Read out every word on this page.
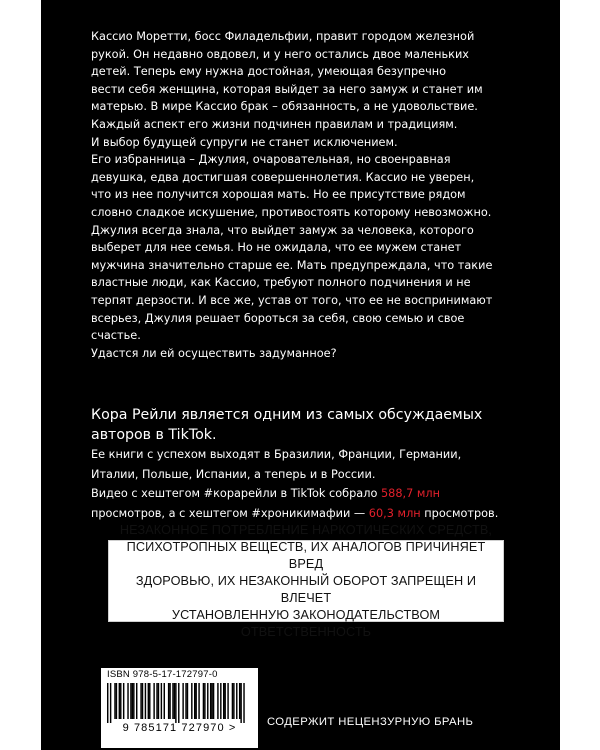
Кассио Моретти, босс Филадельфии, правит городом железной

рукой. Он недавно овдовел, и у него остались двое маленьких

детей. Теперь ему нужна достойная, умеющая безупречно

вести себя женщина, которая выйдет за него замуж и станет им

матерью. В мире Кассио брак – обязанность, а не удовольствие.

Каждый аспект его жизни подчинен правилам и традициям.

И выбор будущей супруги не станет исключением.

Его избранница – Джулия, очаровательная, но своенравная

девушка, едва достигшая совершеннолетия. Кассио не уверен,

что из нее получится хорошая мать. Но ее присутствие рядом

словно сладкое искушение, противостоять которому невозможно.

Джулия всегда знала, что выйдет замуж за человека, которого

выберет для нее семья. Но не ожидала, что ее мужем станет

мужчина значительно старше ее. Мать предупреждала, что такие

властные люди, как Кассио, требуют полного подчинения и не

терпят дерзости. И все же, устав от того, что ее не воспринимают

всерьез, Джулия решает бороться за себя, свою семью и свое

счастье.

Удастся ли ей осуществить задуманное?

Кора Рейли является одним из самых обсуждаемых

авторов в TikTok.

Ее книги с успехом выходят в Бразилии, Франции, Германии,

Италии, Польше, Испании, а теперь и в России.

Видео с хештегом #корарейли в TikTok собрало 588,7 млн

просмотров, а с хештегом #хроникимафии — 60,3 млн просмотров.

НЕЗАКОННОЕ ПОТРЕБЛЕНИЕ НАРКОТИЧЕСКИХ СРЕДСТВ,
ПСИХОТРОПНЫХ ВЕЩЕСТВ, ИХ АНАЛОГОВ ПРИЧИНЯЕТ ВРЕД
ЗДОРОВЬЮ, ИХ НЕЗАКОННЫЙ ОБОРОТ ЗАПРЕЩЕН И ВЛЕЧЕТ
УСТАНОВЛЕННУЮ ЗАКОНОДАТЕЛЬСТВОМ ОТВЕТСТВЕННОСТЬ
ISBN 978-5-17-172797-0
9 785171 727970 >	СОДЕРЖИТ НЕЦЕНЗУРНУЮ БРАНЬ
